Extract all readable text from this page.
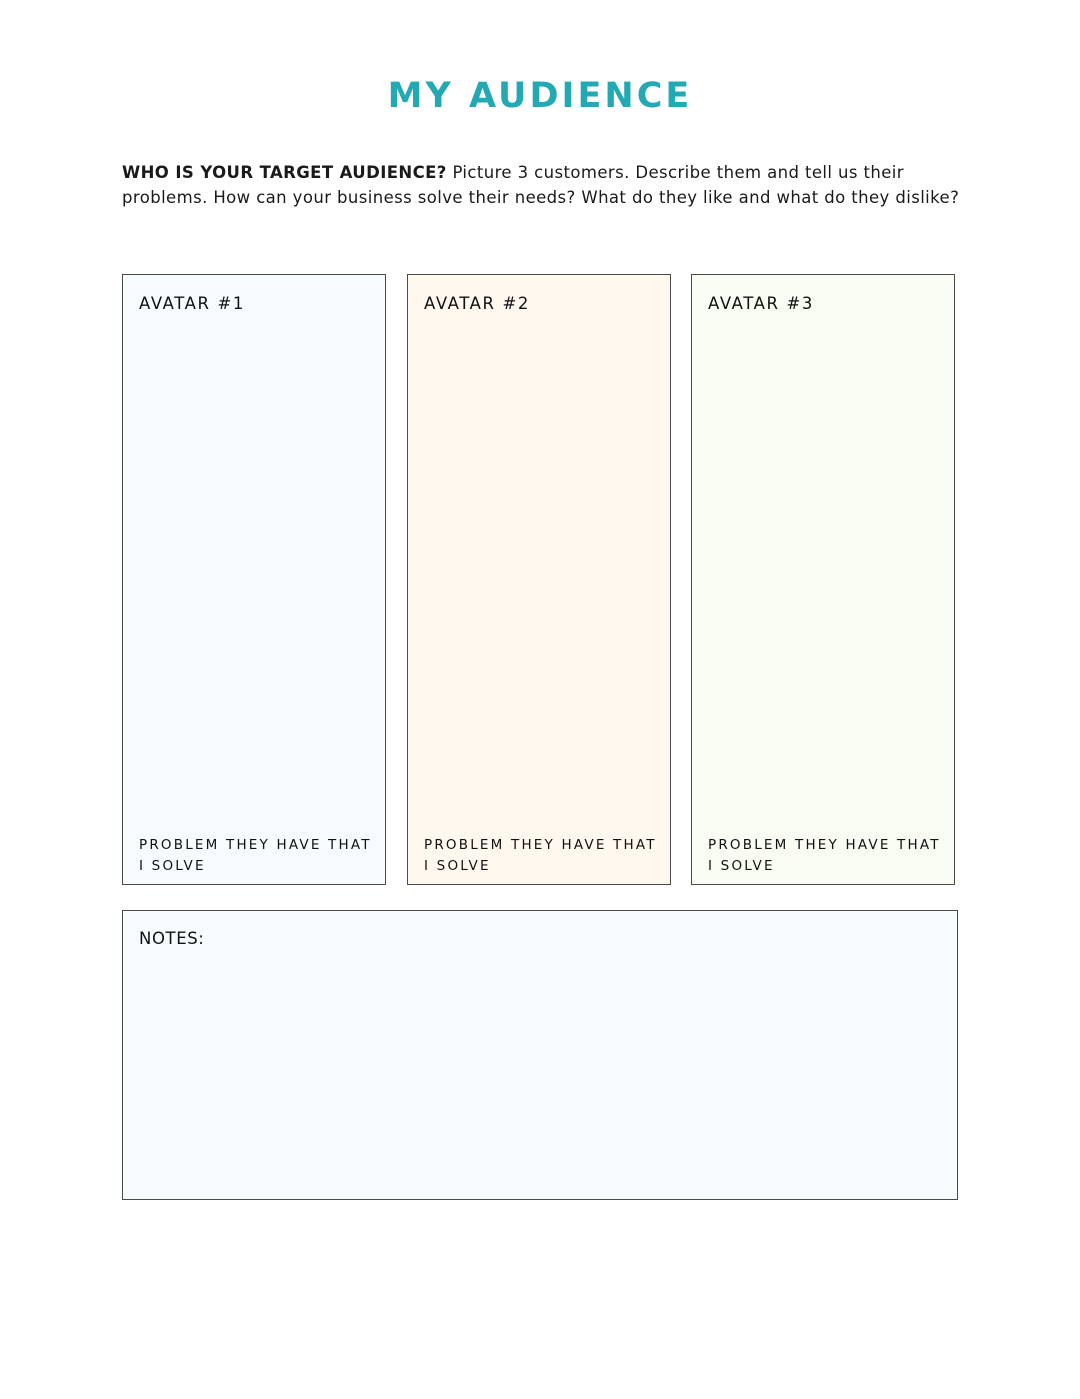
MY AUDIENCE

WHO IS YOUR TARGET AUDIENCE? Picture 3 customers. Describe them and tell us their problems. How can your business solve their needs? What do they like and what do they dislike?

AVATAR #1

PROBLEM THEY HAVE THAT I SOLVE

AVATAR #2

PROBLEM THEY HAVE THAT I SOLVE

AVATAR #3

PROBLEM THEY HAVE THAT I SOLVE

NOTES:
